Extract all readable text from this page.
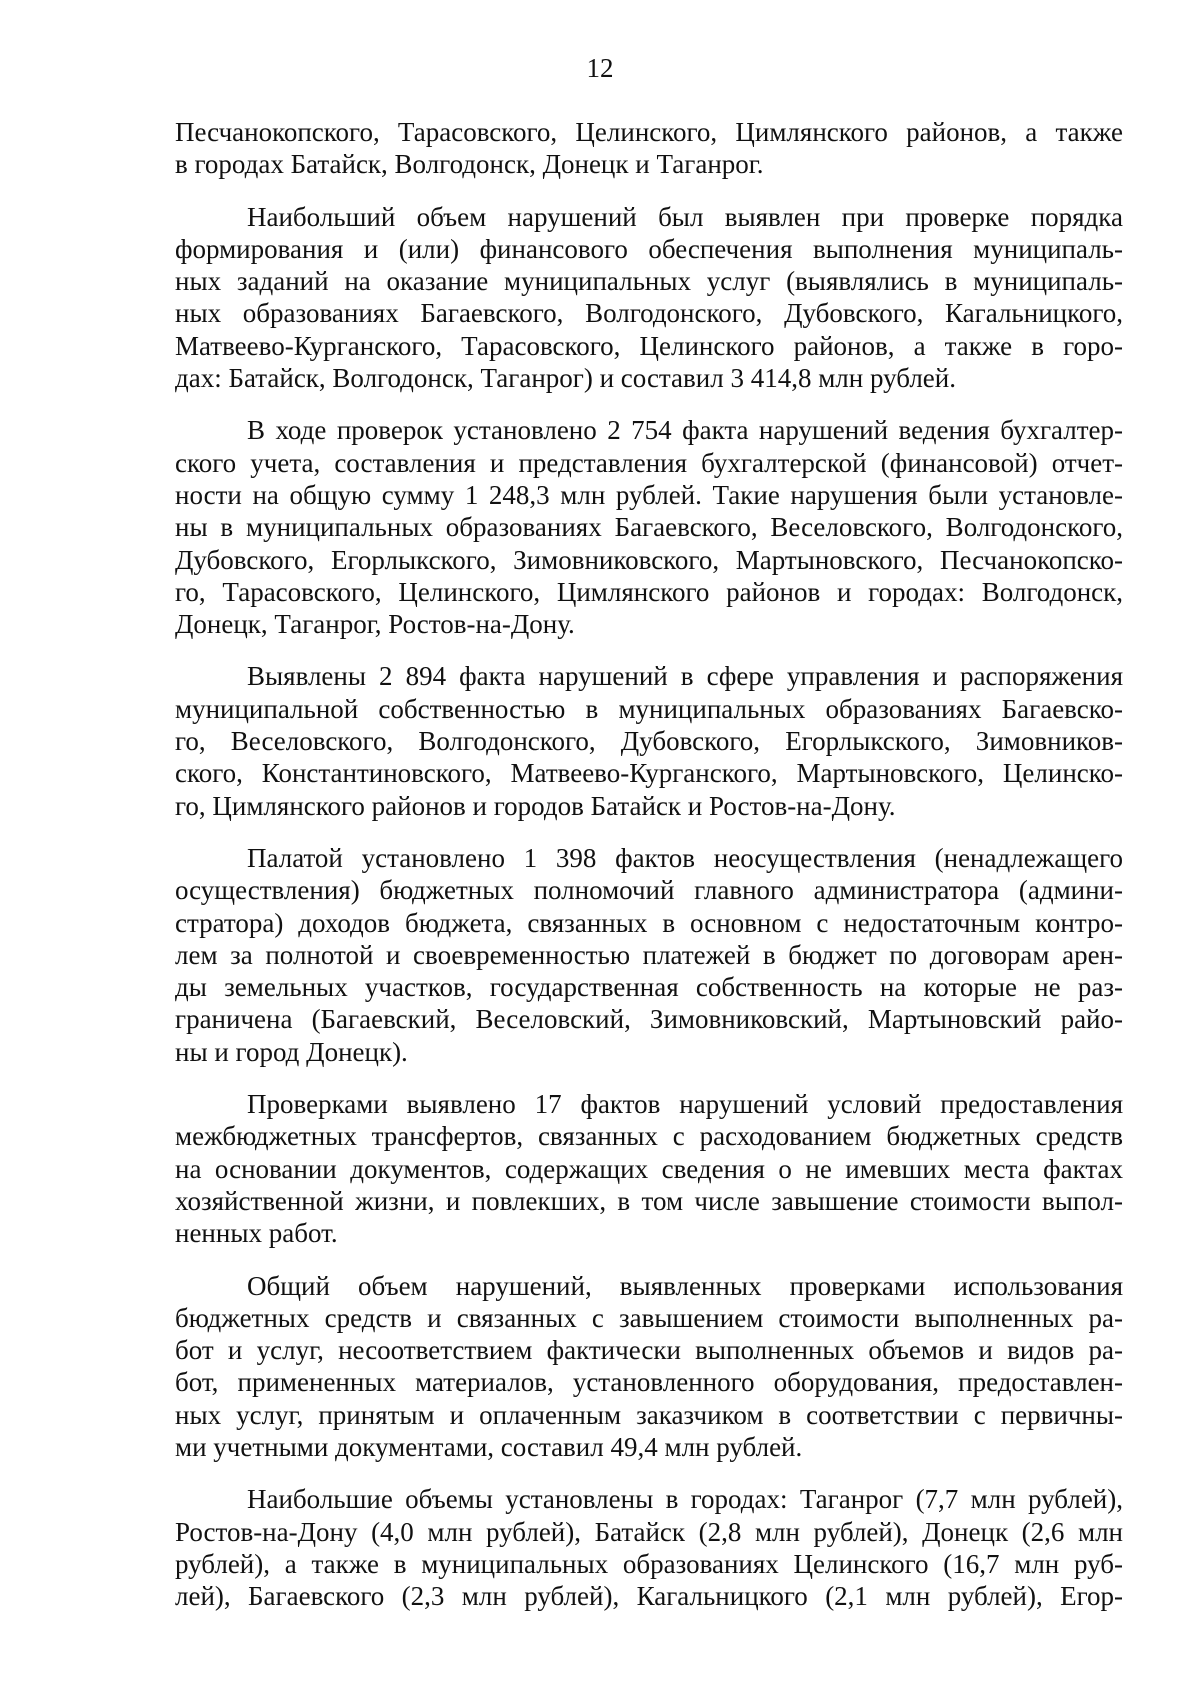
12

Песчанокопского, Тарасовского, Целинского, Цимлянского районов, а также
в городах Батайск, Волгодонск, Донецк и Таганрог.

Наибольший объем нарушений был выявлен при проверке порядка
формирования и (или) финансового обеспечения выполнения муниципаль-
ных заданий на оказание муниципальных услуг (выявлялись в муниципаль-
ных образованиях Багаевского, Волгодонского, Дубовского, Кагальницкого,
Матвеево-Курганского, Тарасовского, Целинского районов, а также в горо-
дах: Батайск, Волгодонск, Таганрог) и составил 3 414,8 млн рублей.

В ходе проверок установлено 2 754 факта нарушений ведения бухгалтер-
ского учета, составления и представления бухгалтерской (финансовой) отчет-
ности на общую сумму 1 248,3 млн рублей. Такие нарушения были установле-
ны в муниципальных образованиях Багаевского, Веселовского, Волгодонского,
Дубовского, Егорлыкского, Зимовниковского, Мартыновского, Песчанокопско-
го, Тарасовского, Целинского, Цимлянского районов и городах: Волгодонск,
Донецк, Таганрог, Ростов-на-Дону.

Выявлены 2 894 факта нарушений в сфере управления и распоряжения
муниципальной собственностью в муниципальных образованиях Багаевско-
го, Веселовского, Волгодонского, Дубовского, Егорлыкского, Зимовников-
ского, Константиновского, Матвеево-Курганского, Мартыновского, Целинско-
го, Цимлянского районов и городов Батайск и Ростов-на-Дону.

Палатой установлено 1 398 фактов неосуществления (ненадлежащего
осуществления) бюджетных полномочий главного администратора (админи-
стратора) доходов бюджета, связанных в основном с недостаточным контро-
лем за полнотой и своевременностью платежей в бюджет по договорам арен-
ды земельных участков, государственная собственность на которые не раз-
граничена (Багаевский, Веселовский, Зимовниковский, Мартыновский райо-
ны и город Донецк).

Проверками выявлено 17 фактов нарушений условий предоставления
межбюджетных трансфертов, связанных с расходованием бюджетных средств
на основании документов, содержащих сведения о не имевших места фактах
хозяйственной жизни, и повлекших, в том числе завышение стоимости выпол-
ненных работ.

Общий объем нарушений, выявленных проверками использования
бюджетных средств и связанных с завышением стоимости выполненных ра-
бот и услуг, несоответствием фактически выполненных объемов и видов ра-
бот, примененных материалов, установленного оборудования, предоставлен-
ных услуг, принятым и оплаченным заказчиком в соответствии с первичны-
ми учетными документами, составил 49,4 млн рублей.

Наибольшие объемы установлены в городах: Таганрог (7,7 млн рублей),
Ростов-на-Дону (4,0 млн рублей), Батайск (2,8 млн рублей), Донецк (2,6 млн
рублей), а также в муниципальных образованиях Целинского (16,7 млн руб-
лей), Багаевского (2,3 млн рублей), Кагальницкого (2,1 млн рублей), Егор-
